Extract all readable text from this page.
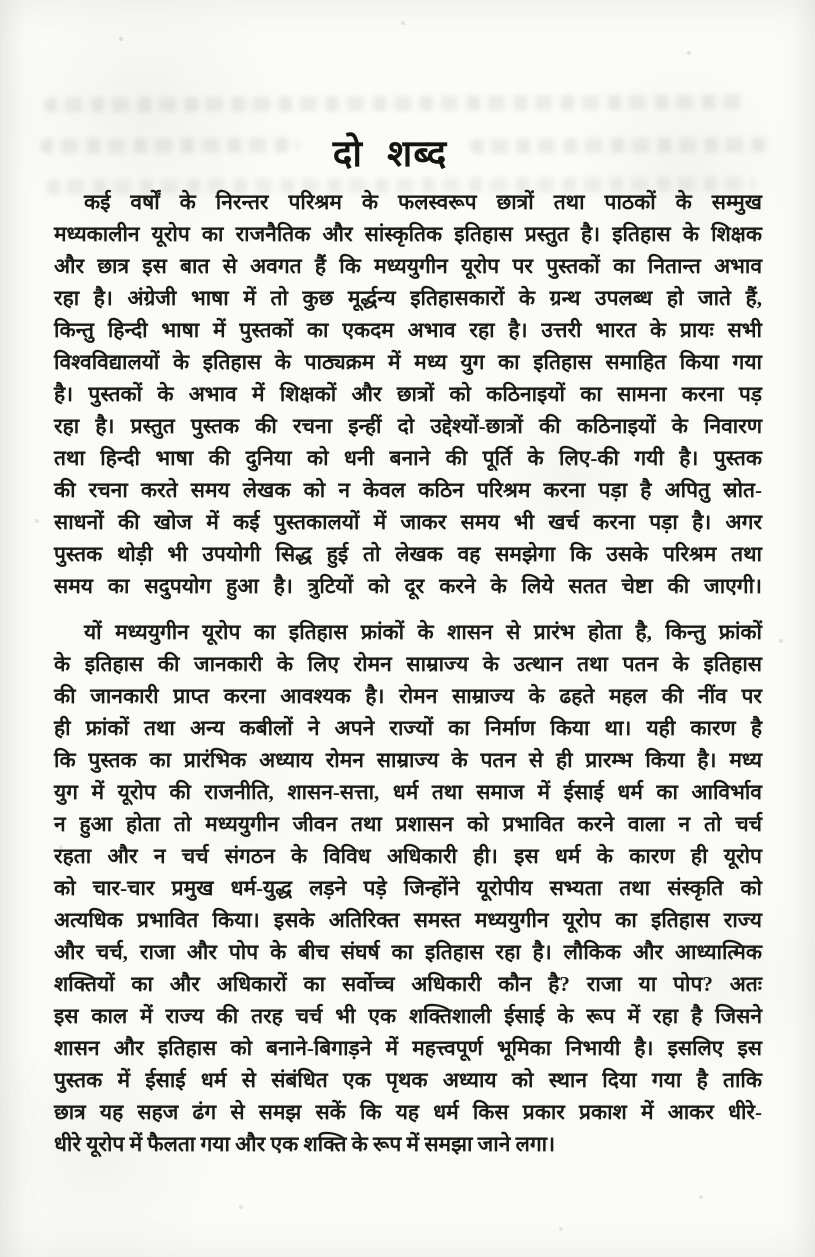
दो शब्द
कई वर्षों के निरन्तर परिश्रम के फलस्वरूप छात्रों तथा पाठकों के सम्मुख
मध्यकालीन यूरोप का राजनैतिक और सांस्कृतिक इतिहास प्रस्तुत है। इतिहास के शिक्षक
और छात्र इस बात से अवगत हैं कि मध्ययुगीन यूरोप पर पुस्तकों का नितान्त अभाव
रहा है। अंग्रेजी भाषा में तो कुछ मूर्द्धन्य इतिहासकारों के ग्रन्थ उपलब्ध हो जाते हैं,
किन्तु हिन्दी भाषा में पुस्तकों का एकदम अभाव रहा है। उत्तरी भारत के प्रायः सभी
विश्वविद्यालयों के इतिहास के पाठ्यक्रम में मध्य युग का इतिहास समाहित किया गया
है। पुस्तकों के अभाव में शिक्षकों और छात्रों को कठिनाइयों का सामना करना पड़
रहा है। प्रस्तुत पुस्तक की रचना इन्हीं दो उद्देश्यों-छात्रों की कठिनाइयों के निवारण
तथा हिन्दी भाषा की दुनिया को धनी बनाने की पूर्ति के लिए-की गयी है। पुस्तक
की रचना करते समय लेखक को न केवल कठिन परिश्रम करना पड़ा है अपितु स्रोत-
साधनों की खोज में कई पुस्तकालयों में जाकर समय भी खर्च करना पड़ा है। अगर
पुस्तक थोड़ी भी उपयोगी सिद्ध हुई तो लेखक वह समझेगा कि उसके परिश्रम तथा
समय का सदुपयोग हुआ है। त्रुटियों को दूर करने के लिये सतत चेष्टा की जाएगी।
यों मध्ययुगीन यूरोप का इतिहास फ्रांकों के शासन से प्रारंभ होता है, किन्तु फ्रांकों
के इतिहास की जानकारी के लिए रोमन साम्राज्य के उत्थान तथा पतन के इतिहास
की जानकारी प्राप्त करना आवश्यक है। रोमन साम्राज्य के ढहते महल की नींव पर
ही फ्रांकों तथा अन्य कबीलों ने अपने राज्यों का निर्माण किया था। यही कारण है
कि पुस्तक का प्रारंभिक अध्याय रोमन साम्राज्य के पतन से ही प्रारम्भ किया है। मध्य
युग में यूरोप की राजनीति, शासन-सत्ता, धर्म तथा समाज में ईसाई धर्म का आविर्भाव
न हुआ होता तो मध्ययुगीन जीवन तथा प्रशासन को प्रभावित करने वाला न तो चर्च
रहता और न चर्च संगठन के विविध अधिकारी ही। इस धर्म के कारण ही यूरोप
को चार-चार प्रमुख धर्म-युद्ध लड़ने पड़े जिन्होंने यूरोपीय सभ्यता तथा संस्कृति को
अत्यधिक प्रभावित किया। इसके अतिरिक्त समस्त मध्ययुगीन यूरोप का इतिहास राज्य
और चर्च, राजा और पोप के बीच संघर्ष का इतिहास रहा है। लौकिक और आध्यात्मिक
शक्तियों का और अधिकारों का सर्वोच्च अधिकारी कौन है? राजा या पोप? अतः
इस काल में राज्य की तरह चर्च भी एक शक्तिशाली ईसाई के रूप में रहा है जिसने
शासन और इतिहास को बनाने-बिगाड़ने में महत्त्वपूर्ण भूमिका निभायी है। इसलिए इस
पुस्तक में ईसाई धर्म से संबंधित एक पृथक अध्याय को स्थान दिया गया है ताकि
छात्र यह सहज ढंग से समझ सकें कि यह धर्म किस प्रकार प्रकाश में आकर धीरे-
धीरे यूरोप में फैलता गया और एक शक्ति के रूप में समझा जाने लगा।
